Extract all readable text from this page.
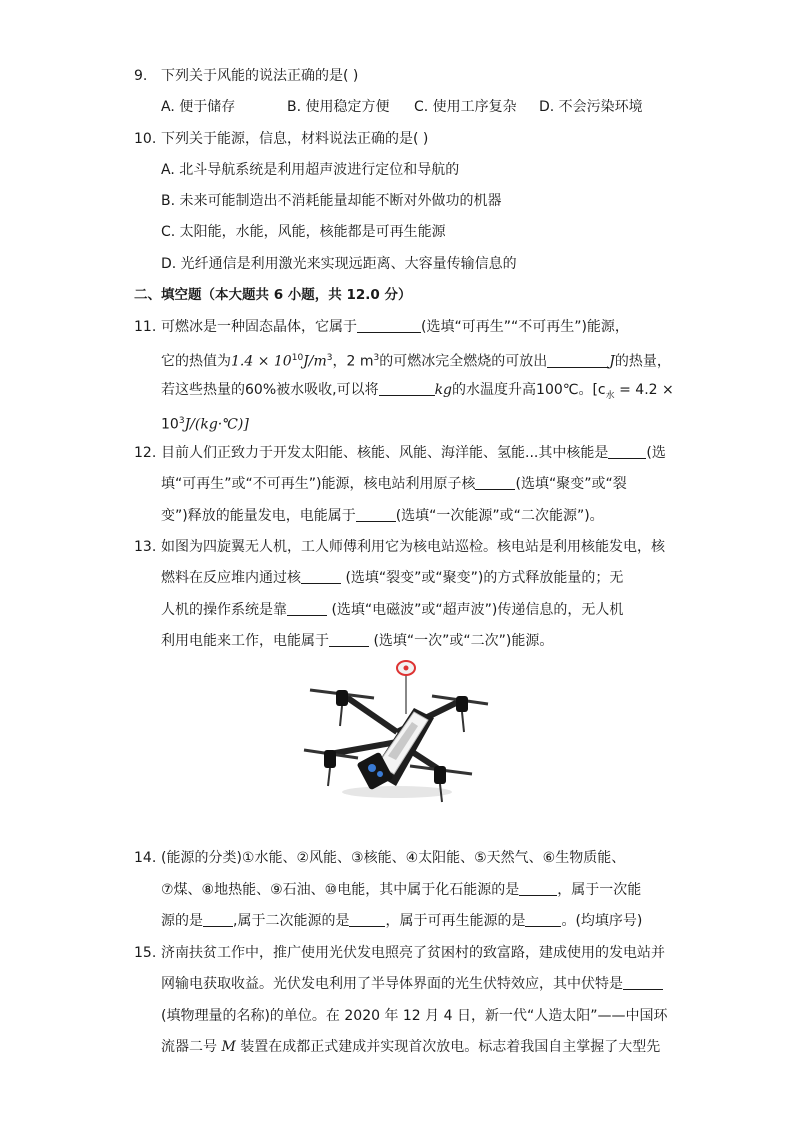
9. 下列关于风能的说法正确的是( )
A. 便于储存	B. 使用稳定方便 C. 使用工序复杂 D. 不会污染环境
10. 下列关于能源，信息，材料说法正确的是( )
A. 北斗导航系统是利用超声波进行定位和导航的
B. 未来可能制造出不消耗能量却能不断对外做功的机器
C. 太阳能，水能，风能，核能都是可再生能源
D. 光纤通信是利用激光来实现远距离、大容量传输信息的
二、填空题（本大题共 6 小题，共 12.0 分）
11. 可燃冰是一种固态晶体，它属于	(选填“可再生”“不可再生”)能源，
它的热值为$1.4 \times 10^{10}J/m^3$，2 $m^3$的可燃冰完全燃烧的可放出	J的热量，
若这些热量的60%被水吸收,可以将	kg的水温度升高100℃。[$c_水 = 4.2$ ×
$10^3J/(kg\cdot℃)$]
12. 目前人们正致力于开发太阳能、核能、风能、海洋能、氢能...其中核能是	(选
填“可再生”或“不可再生”)能源，核电站利用原子核	(选填“聚变”或“裂
变”)释放的能量发电，电能属于	(选填“一次能源”或“二次能源”)。
13. 如图为四旋翼无人机，工人师傅利用它为核电站巡检。核电站是利用核能发电，核
燃料在反应堆内通过核	(选填“裂变”或“聚变”)的方式释放能量的；无
人机的操作系统是靠	(选填“电磁波”或“超声波”)传递信息的，无人机
利用电能来工作，电能属于	(选填“一次”或“二次”)能源。
14. (能源的分类)①水能、②风能、③核能、④太阳能、⑤天然气、⑥生物质能、
⑦煤、⑧地热能、⑨石油、⑩电能，其中属于化石能源的是	，属于一次能
源的是 ,属于二次能源的是	，属于可再生能源的是	。(均填序号)
15. 济南扶贫工作中，推广使用光伏发电照亮了贫困村的致富路，建成使用的发电站并
网输电获取收益。光伏发电利用了半导体界面的光生伏特效应，其中伏特是
(填物理量的名称)的单位。在 2020 年 12 月 4 日，新一代“人造太阳”——中国环
流器二号 M 装置在成都正式建成并实现首次放电。标志着我国自主掌握了大型先
